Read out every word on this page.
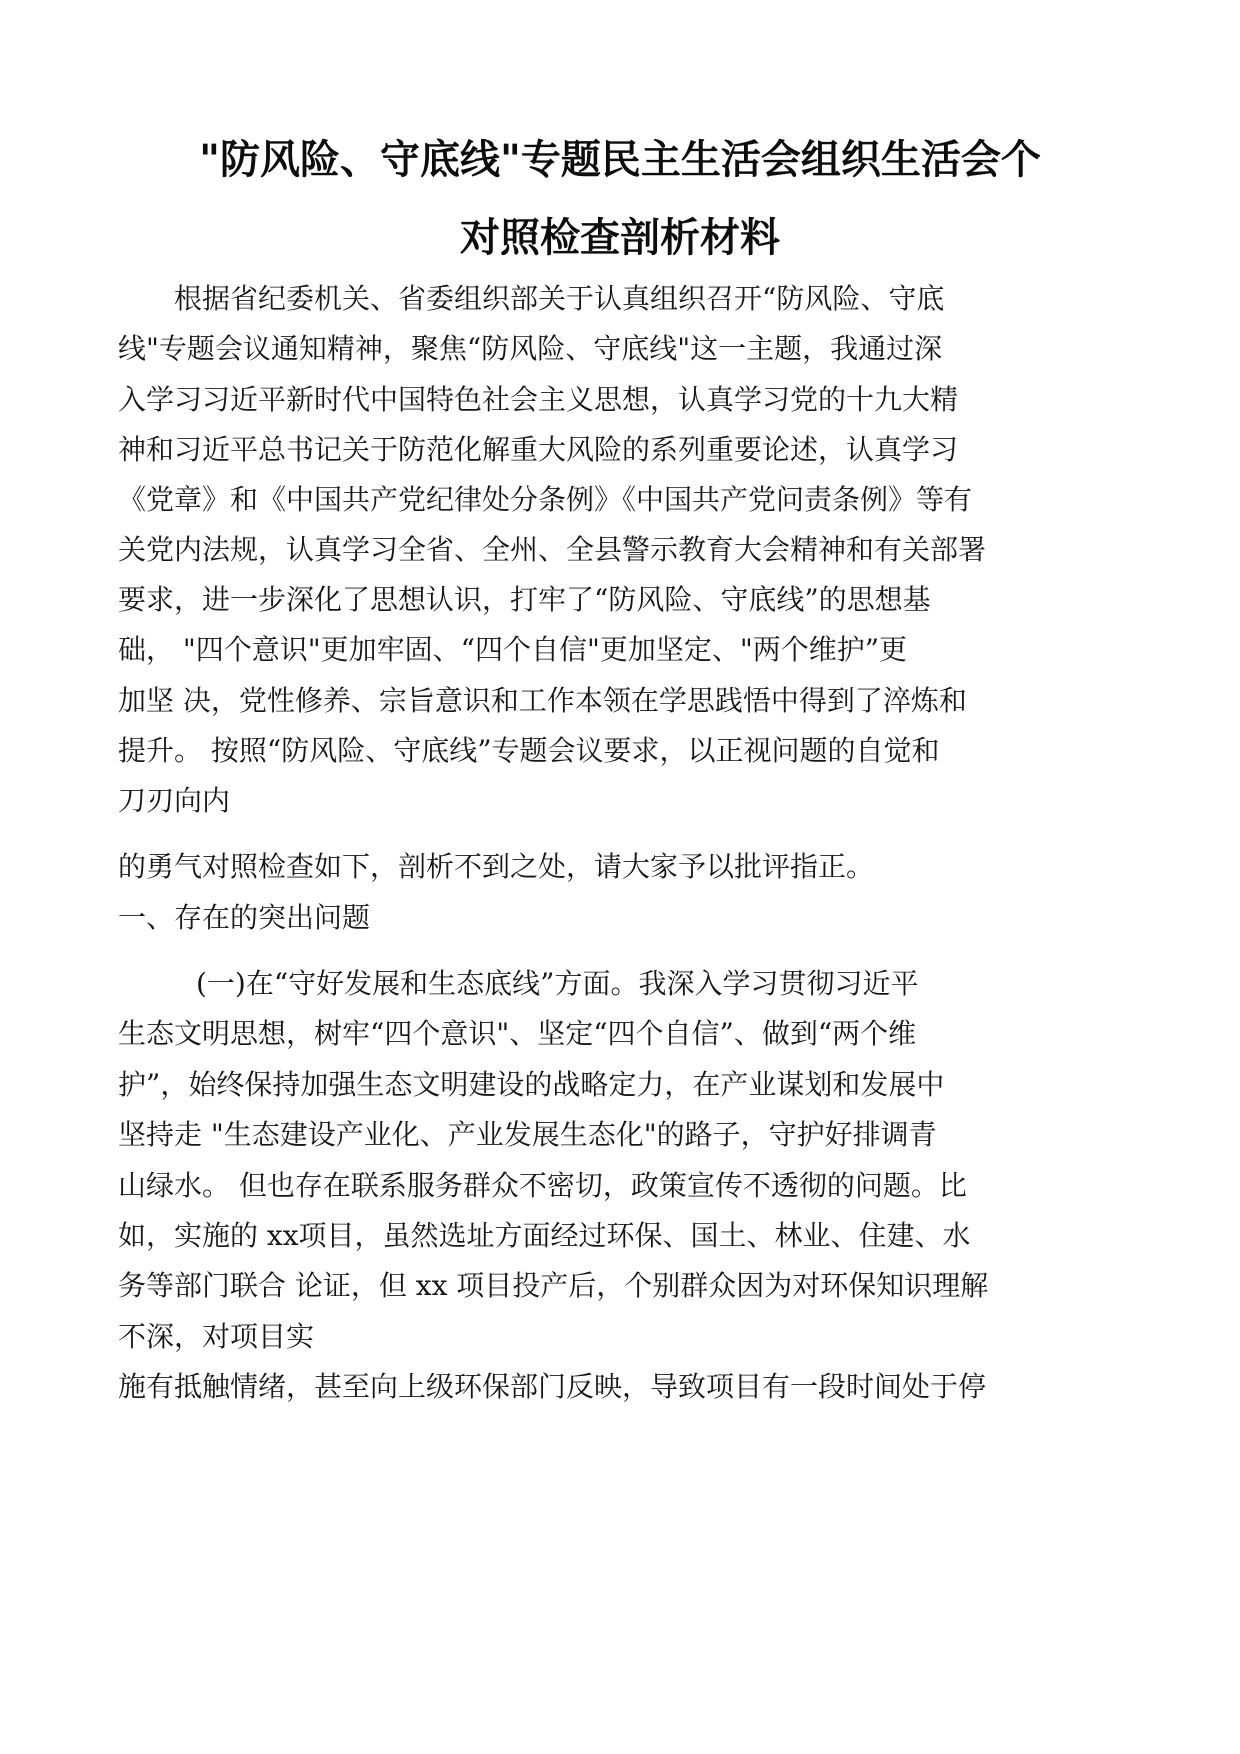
"防风险、守底线"专题民主生活会组织生活会个
对照检查剖析材料
根据省纪委机关、省委组织部关于认真组织召开“防风险、守底
线"专题会议通知精神，聚焦“防风险、守底线"这一主题，我通过深
入学习习近平新时代中国特色社会主义思想，认真学习党的十九大精
神和习近平总书记关于防范化解重大风险的系列重要论述，认真学习
《党章》和《中国共产党纪律处分条例》《中国共产党问责条例》等有
关党内法规，认真学习全省、全州、全县警示教育大会精神和有关部署
要求，进一步深化了思想认识，打牢了“防风险、守底线”的思想基
础， "四个意识"更加牢固、“四个自信"更加坚定、"两个维护”更
加坚 决，党性修养、宗旨意识和工作本领在学思践悟中得到了淬炼和
提升。 按照“防风险、守底线”专题会议要求，以正视问题的自觉和
刀刃向内
的勇气对照检查如下，剖析不到之处，请大家予以批评指正。
一、存在的突出问题
(一)在“守好发展和生态底线”方面。我深入学习贯彻习近平
生态文明思想，树牢“四个意识"、坚定“四个自信”、做到“两个维
护”，始终保持加强生态文明建设的战略定力，在产业谋划和发展中
坚持走 "生态建设产业化、产业发展生态化"的路子，守护好排调青
山绿水。 但也存在联系服务群众不密切，政策宣传不透彻的问题。比
如，实施的 xx项目，虽然选址方面经过环保、国土、林业、住建、水
务等部门联合 论证，但 xx 项目投产后，个别群众因为对环保知识理解
不深，对项目实
施有抵触情绪，甚至向上级环保部门反映，导致项目有一段时间处于停
